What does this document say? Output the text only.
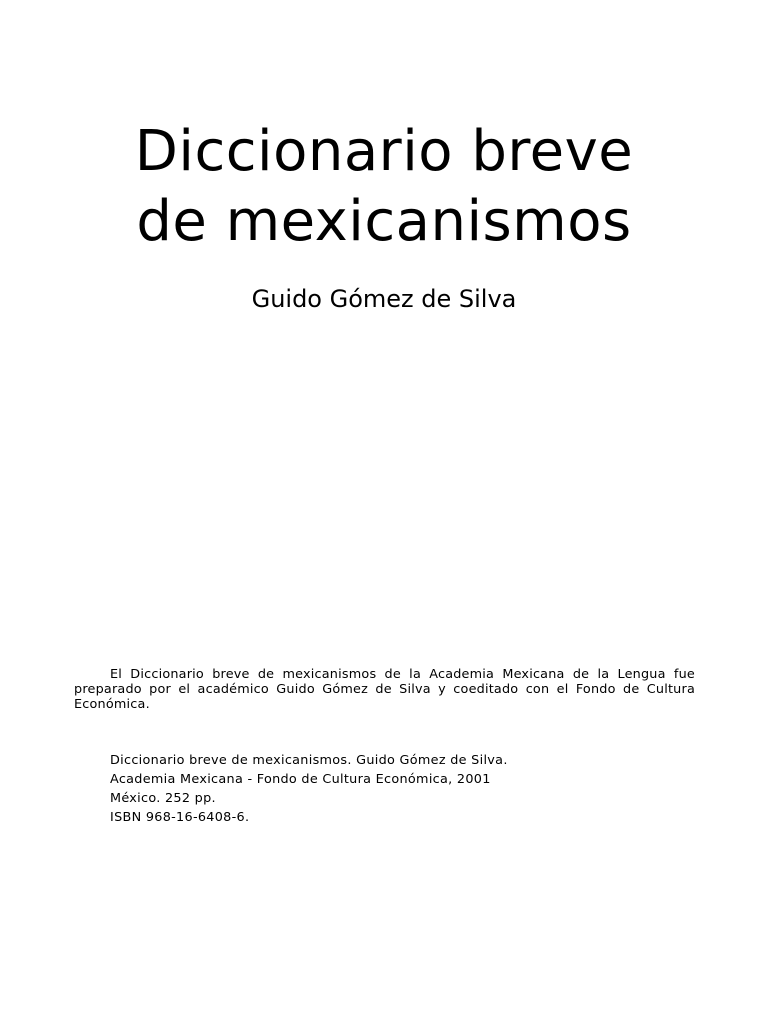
Diccionario breve
de mexicanismos
Guido Gómez de Silva
El Diccionario breve de mexicanismos de la Academia Mexicana de la Lengua fue preparado por el académico Guido Gómez de Silva y coeditado con el Fondo de Cultura Económica.
Diccionario breve de mexicanismos. Guido Gómez de Silva.
Academia Mexicana - Fondo de Cultura Económica, 2001
México. 252 pp.
ISBN 968-16-6408-6.
